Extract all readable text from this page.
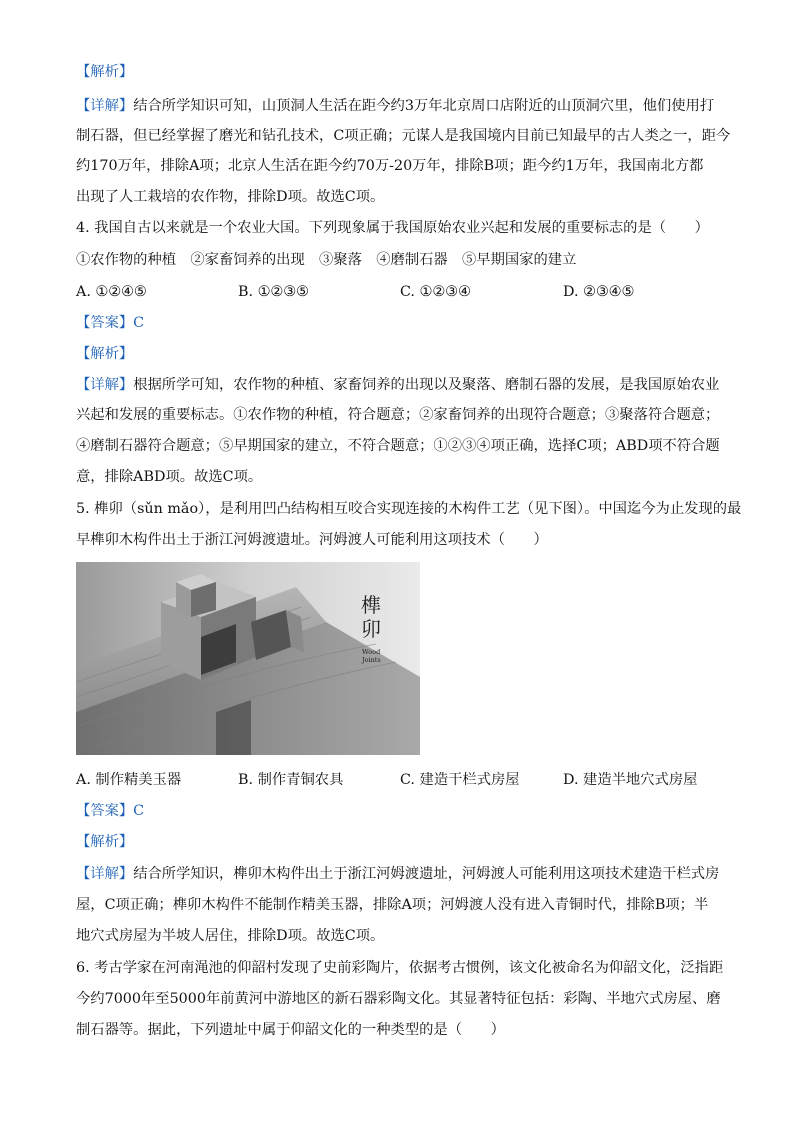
【解析】
【详解】结合所学知识可知，山顶洞人生活在距今约3万年北京周口店附近的山顶洞穴里，他们使用打
制石器，但已经掌握了磨光和钻孔技术，C项正确；元谋人是我国境内目前已知最早的古人类之一，距今
约170万年，排除A项；北京人生活在距今约70万-20万年，排除B项；距今约1万年，我国南北方都
出现了人工栽培的农作物，排除D项。故选C项。
4. 我国自古以来就是一个农业大国。下列现象属于我国原始农业兴起和发展的重要标志的是（　　）
①农作物的种植　②家畜饲养的出现　③聚落　④磨制石器　⑤早期国家的建立
A. ①②④⑤	B. ①②③⑤	C. ①②③④	D. ②③④⑤
【答案】C
【解析】
【详解】根据所学可知，农作物的种植、家畜饲养的出现以及聚落、磨制石器的发展，是我国原始农业
兴起和发展的重要标志。①农作物的种植，符合题意；②家畜饲养的出现符合题意；③聚落符合题意；
④磨制石器符合题意；⑤早期国家的建立，不符合题意；①②③④项正确，选择C项；ABD项不符合题
意，排除ABD项。故选C项。
5. 榫卯（sǔn mǎo），是利用凹凸结构相互咬合实现连接的木构件工艺（见下图）。中国迄今为止发现的最
早榫卯木构件出土于浙江河姆渡遗址。河姆渡人可能利用这项技术（　　）
榫
卯
Wood
Joints
A. 制作精美玉器	B. 制作青铜农具	C. 建造干栏式房屋	D. 建造半地穴式房屋
【答案】C
【解析】
【详解】结合所学知识，榫卯木构件出土于浙江河姆渡遗址，河姆渡人可能利用这项技术建造干栏式房
屋，C项正确；榫卯木构件不能制作精美玉器，排除A项；河姆渡人没有进入青铜时代，排除B项；半
地穴式房屋为半坡人居住，排除D项。故选C项。
6. 考古学家在河南渑池的仰韶村发现了史前彩陶片，依据考古惯例，该文化被命名为仰韶文化，泛指距
今约7000年至5000年前黄河中游地区的新石器彩陶文化。其显著特征包括：彩陶、半地穴式房屋、磨
制石器等。据此，下列遗址中属于仰韶文化的一种类型的是（　　）
